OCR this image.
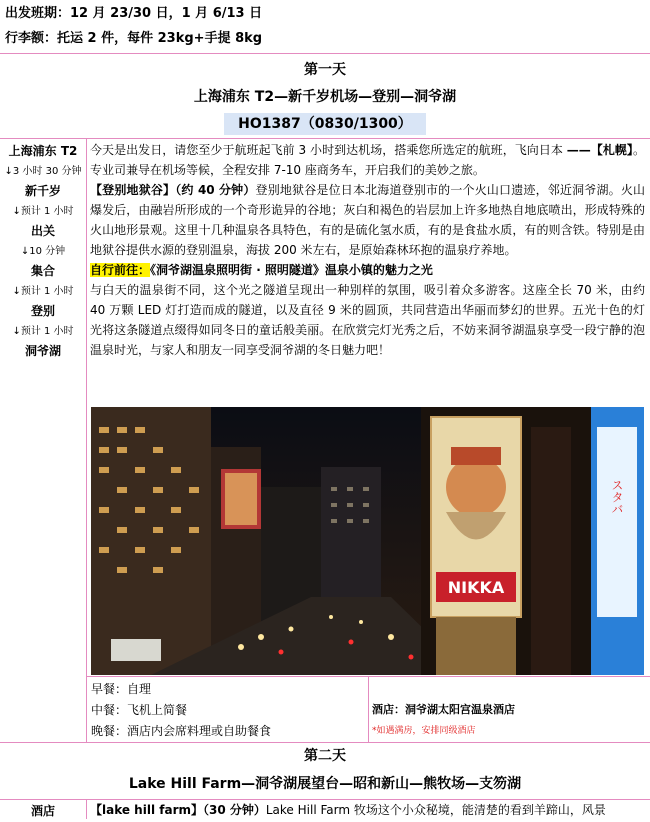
出发班期：12 月 23/30 日，1 月 6/13 日
行李额：托运 2 件，每件 23kg+手提 8kg
第一天
上海浦东 T2—新千岁机场—登别—洞爷湖
HO1387（0830/1300）
上海浦东 T2
↓3 小时 30 分钟
新千岁
↓预计 1 小时
出关
↓10 分钟
集合
↓预计 1 小时
登别
↓预计 1 小时
洞爷湖
今天是出发日，请您至少于航班起飞前 3 小时到达机场，搭乘您所选定的航班，飞向日本 ——【札幌】。专业司兼导在机场等候，全程安排 7-10 座商务车，开启我们的美妙之旅。
【登别地狱谷】（约 40 分钟）登别地狱谷是位日本北海道登别市的一个火山口遗迹，邻近洞爷湖。火山爆发后，由融岩所形成的一个奇形诡异的谷地；灰白和褐色的岩层加上许多地热自地底喷出，形成特殊的火山地形景观。这里十几种温泉各具特色，有的是硫化氢水质，有的是食盐水质，有的则含铁。特别是由地狱谷提供水源的登别温泉，海拔 200 米左右，是原始森林环抱的温泉疗养地。
自行前往：《洞爷湖温泉照明街 · 照明隧道》温泉小镇的魅力之光
与白天的温泉街不同，这个光之隧道呈现出一种别样的氛围，吸引着众多游客。这座全长 70 米，由约 40 万颗 LED 灯打造而成的隧道，以及直径 9 米的圆顶，共同营造出华丽而梦幻的世界。五光十色的灯光将这条隧道点缀得如同冬日的童话般美丽。在欣赏完灯光秀之后，不妨来洞爷湖温泉享受一段宁静的泡温泉时光，与家人和朋友一同享受洞爷湖的冬日魅力吧！
NIKKA
スタバ
早餐：自理
中餐：飞机上简餐
晚餐：酒店内会席料理或自助餐食
酒店：洞爷湖太阳宫温泉酒店
*如遇满房，安排同级酒店
第二天
Lake Hill Farm—洞爷湖展望台—昭和新山—熊牧场—支笏湖
酒店	【lake hill farm】（30 分钟）Lake Hill Farm 牧场这个小众秘境，能清楚的看到羊蹄山，风景
